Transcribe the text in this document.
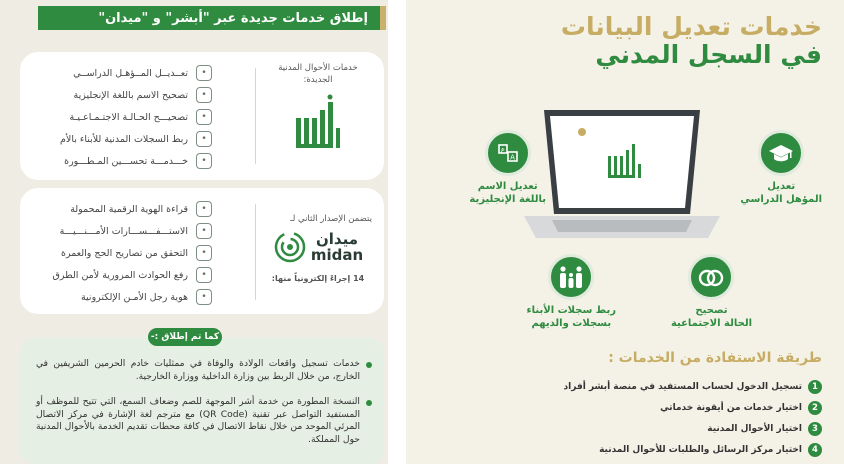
إطلاق خدمات جديدة عبر "أبشر" و "ميدان"
خدمات الأحوال المدنية الجديدة:
•
تعــديــل المــؤهـل الدراســي
•
تصحيح الاسم باللغة الإنجليزية
•
تصحيـــح الحـالـة الاجتـمـاعـيـة
•
ربط السجلات المدنية للأبناء بالأم
•
خـــدمـــة تحســـين المـطـــورة
يتضمن الإصدار الثاني لـ
ميدان
midan
14 إجراءً إلكترونياً منها:
•
قراءة الهوية الرقمية المحمولة
•
الاستـــفـــســـارات الأمـــنـــيـــة
•
التحقق من تصاريح الحج والعمرة
•
رفع الحوادث المرورية لأمن الطرق
•
هوية رجل الأمـن الإلكترونية

خدمات تسجيل واقعات الولادة والوفاة في ممثليات خادم الحرمين الشريفين في الخارج، من خلال الربط بين وزارة الداخلية ووزارة الخارجية.

النسخة المطورة من خدمة أشر الموجهة للصم وضعاف السمع، التي تتيح للموظف أو المستفيد التواصل عبر تقنية (QR Code) مع مترجم لغة الإشارة في مركز الاتصال المرئي الموحد من خلال نقاط الاتصال في كافة محطات تقديم الخدمة بالأحوال المدنية حول المملكة.

كما تم إطلاق :-
خدمات تعديل البيانات
في السجل المدني
ع
A
تعديل الاسم
باللغة الإنجليزية
تعديل
المؤهل الدراسي
ربط سجلات الأبناء
بسجلات والديهم
تصحيح
الحالة الاجتماعية
طريقة الاستفادة من الخدمات :
1
تسجيل الدخول لحساب المستفيد في منصة أبشر أفراد
2
اختيار خدمات من أيقونة خدماتي
3
اختيار الأحوال المدنية
4
اختيار مركز الرسائل والطلبات للأحوال المدنية
